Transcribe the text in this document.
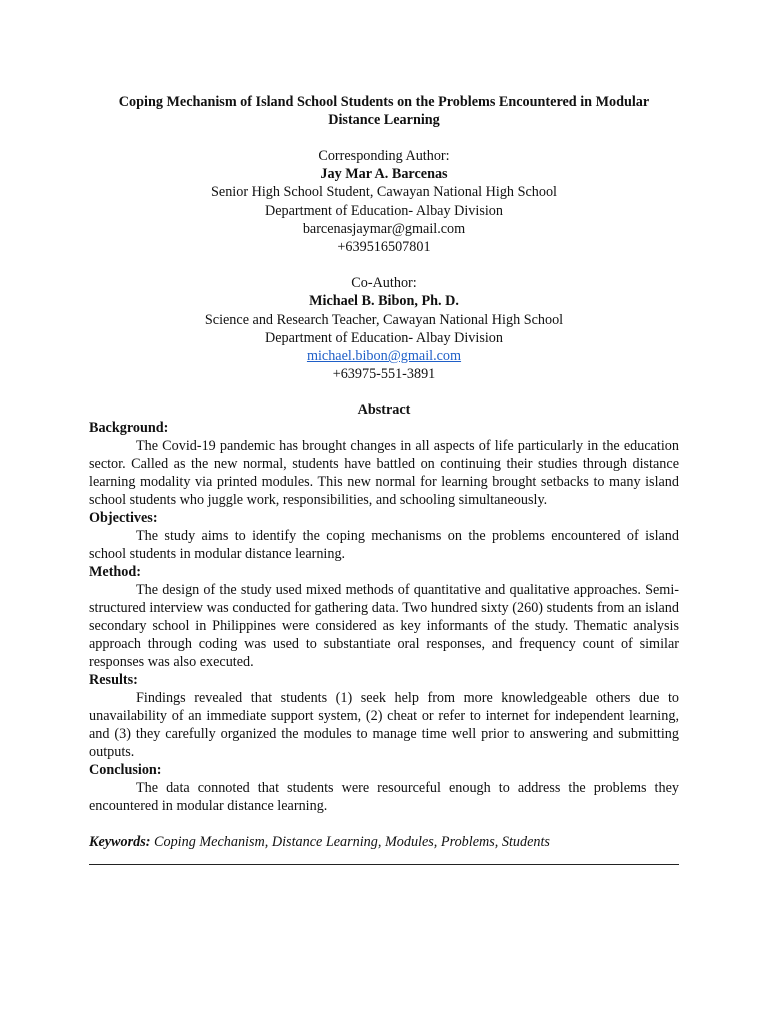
Coping Mechanism of Island School Students on the Problems Encountered in Modular Distance Learning

Corresponding Author:
Jay Mar A. Barcenas
Senior High School Student, Cawayan National High School
Department of Education- Albay Division
barcenasjaymar@gmail.com
+639516507801
Co-Author:
Michael B. Bibon, Ph. D.
Science and Research Teacher, Cawayan National High School
Department of Education- Albay Division
michael.bibon@gmail.com
+63975-551-3891
Abstract
Background:

The Covid-19 pandemic has brought changes in all aspects of life particularly in the education sector. Called as the new normal, students have battled on continuing their studies through distance learning modality via printed modules. This new normal for learning brought setbacks to many island school students who juggle work, responsibilities, and schooling simultaneously.

Objectives:

The study aims to identify the coping mechanisms on the problems encountered of island school students in modular distance learning.

Method:

The design of the study used mixed methods of quantitative and qualitative approaches. Semi-structured interview was conducted for gathering data. Two hundred sixty (260) students from an island secondary school in Philippines were considered as key informants of the study. Thematic analysis approach through coding was used to substantiate oral responses, and frequency count of similar responses was also executed.

Results:

Findings revealed that students (1) seek help from more knowledgeable others due to unavailability of an immediate support system, (2) cheat or refer to internet for independent learning, and (3) they carefully organized the modules to manage time well prior to answering and submitting outputs.

Conclusion:

The data connoted that students were resourceful enough to address the problems they encountered in modular distance learning.

Keywords: Coping Mechanism, Distance Learning, Modules, Problems, Students
